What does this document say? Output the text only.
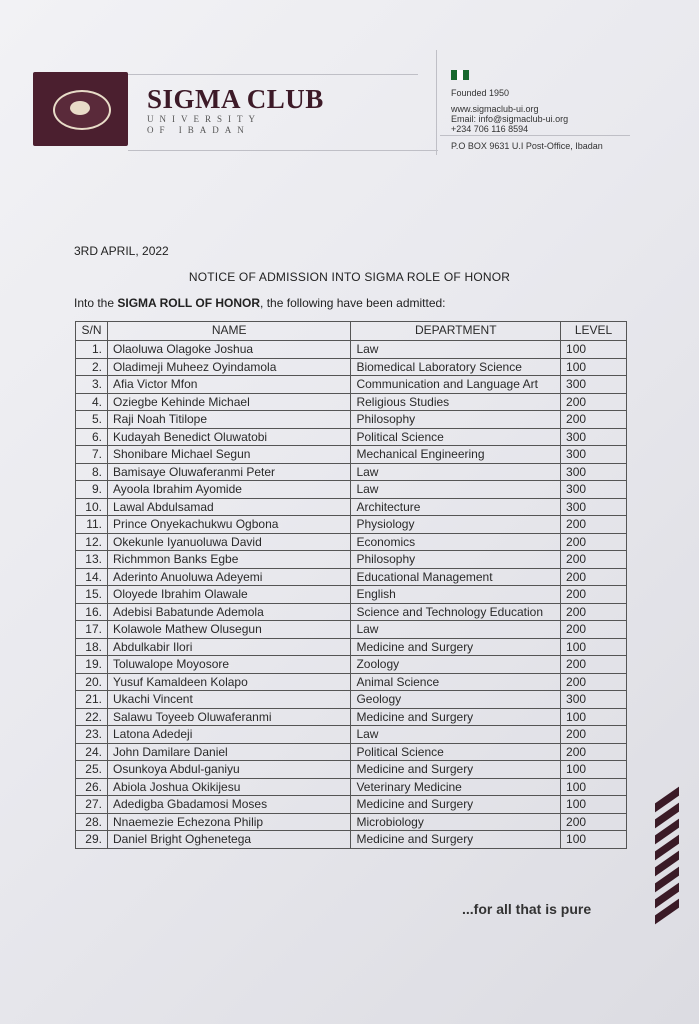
SIGMA CLUB
UNIVERSITY
OF IBADAN
Founded 1950
www.sigmaclub-ui.org
Email: info@sigmaclub-ui.org
+234 706 116 8594
P.O BOX 9631 U.I Post-Office, Ibadan
3RD APRIL, 2022
NOTICE OF ADMISSION INTO SIGMA ROLE OF HONOR
Into the SIGMA ROLL OF HONOR, the following have been admitted:
S/N	NAME	DEPARTMENT	LEVEL
1.	Olaoluwa Olagoke Joshua	Law	100
2.	Oladimeji Muheez Oyindamola	Biomedical Laboratory Science	100
3.	Afia Victor Mfon	Communication and Language Art	300
4.	Oziegbe Kehinde Michael	Religious Studies	200
5.	Raji Noah Titilope	Philosophy	200
6.	Kudayah Benedict Oluwatobi	Political Science	300
7.	Shonibare Michael Segun	Mechanical Engineering	300
8.	Bamisaye Oluwaferanmi Peter	Law	300
9.	Ayoola Ibrahim Ayomide	Law	300
10.	Lawal Abdulsamad	Architecture	300
11.	Prince Onyekachukwu Ogbona	Physiology	200
12.	Okekunle Iyanuoluwa David	Economics	200
13.	Richmmon Banks Egbe	Philosophy	200
14.	Aderinto Anuoluwa Adeyemi	Educational Management	200
15.	Oloyede Ibrahim Olawale	English	200
16.	Adebisi Babatunde Ademola	Science and Technology Education	200
17.	Kolawole Mathew Olusegun	Law	200
18.	Abdulkabir Ilori	Medicine and Surgery	100
19.	Toluwalope Moyosore	Zoology	200
20.	Yusuf Kamaldeen Kolapo	Animal Science	200
21.	Ukachi Vincent	Geology	300
22.	Salawu Toyeeb Oluwaferanmi	Medicine and Surgery	100
23.	Latona Adedeji	Law	200
24.	John Damilare Daniel	Political Science	200
25.	Osunkoya Abdul-ganiyu	Medicine and Surgery	100
26.	Abiola Joshua Okikijesu	Veterinary Medicine	100
27.	Adedigba Gbadamosi Moses	Medicine and Surgery	100
28.	Nnaemezie Echezona Philip	Microbiology	200
29.	Daniel Bright Oghenetega	Medicine and Surgery	100
...for all that is pure
